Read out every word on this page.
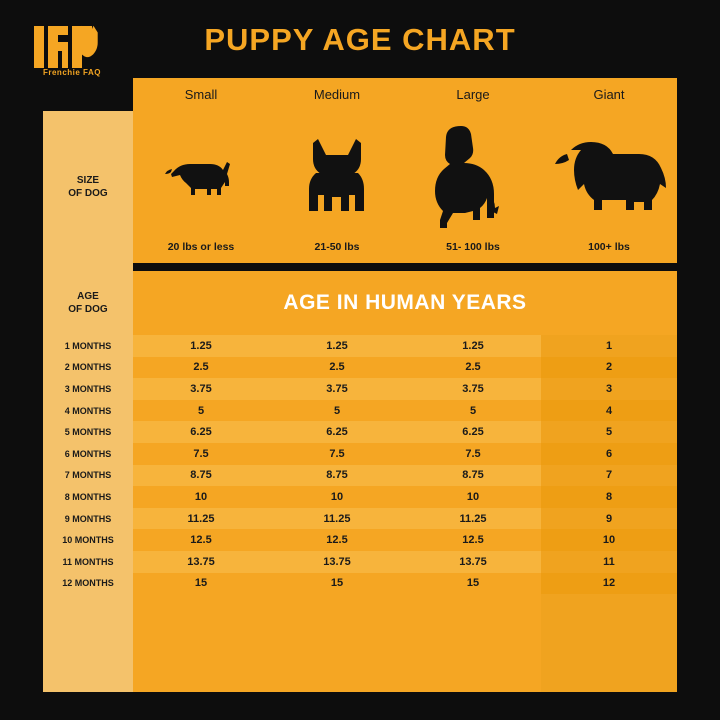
Frenchie FAQ
PUPPY AGE CHART
Small	Medium	Large	Giant
SIZE
OF DOG
20 lbs or less	21-50 lbs	51- 100 lbs	100+ lbs
AGE
OF DOG	AGE IN HUMAN YEARS
1 MONTHS	1.25	1.25	1.25	1
2 MONTHS	2.5	2.5	2.5	2
3 MONTHS	3.75	3.75	3.75	3
4 MONTHS	5	5	5	4
5 MONTHS	6.25	6.25	6.25	5
6 MONTHS	7.5	7.5	7.5	6
7 MONTHS	8.75	8.75	8.75	7
8 MONTHS	10	10	10	8
9 MONTHS	11.25	11.25	11.25	9
10 MONTHS	12.5	12.5	12.5	10
11 MONTHS	13.75	13.75	13.75	11
12 MONTHS	15	15	15	12
